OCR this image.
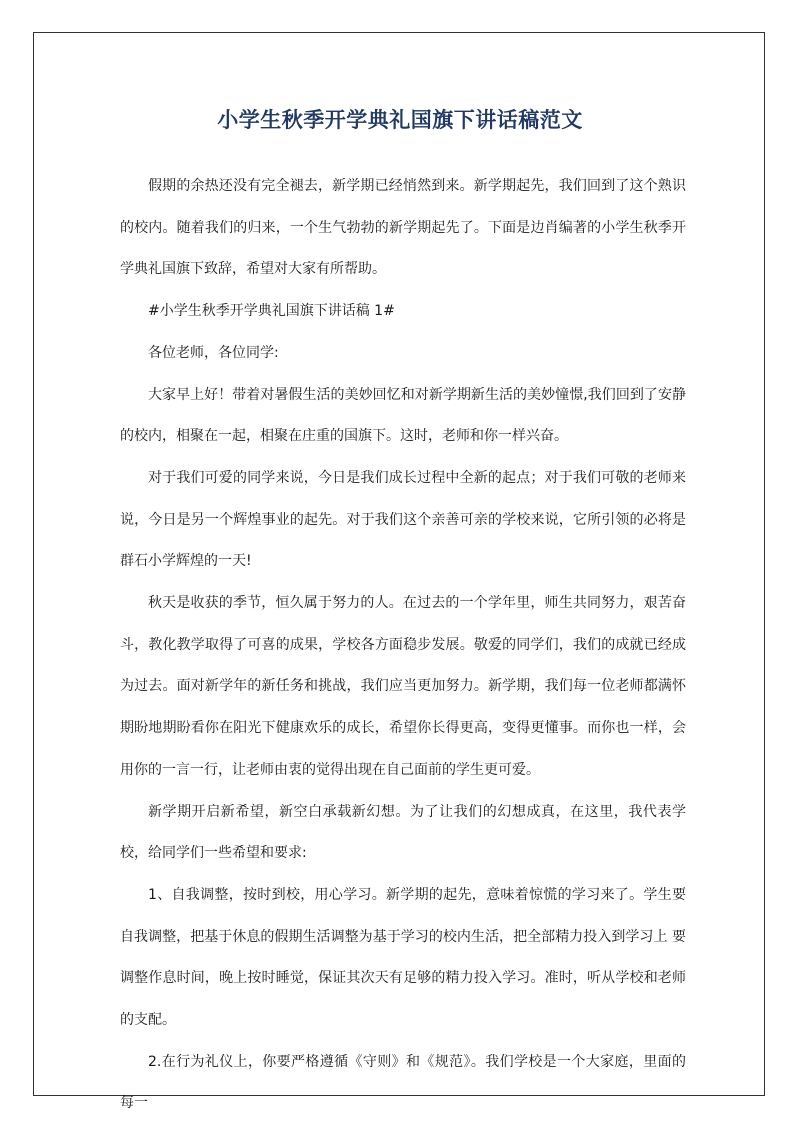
小学生秋季开学典礼国旗下讲话稿范文

假期的余热还没有完全褪去，新学期已经悄然到来。新学期起先，我们回到了这个熟识的校内。随着我们的归来，一个生气勃勃的新学期起先了。下面是边肖编著的小学生秋季开学典礼国旗下致辞，希望对大家有所帮助。

#小学生秋季开学典礼国旗下讲话稿 1#

各位老师，各位同学:

大家早上好！带着对暑假生活的美妙回忆和对新学期新生活的美妙憧憬,我们回到了安静的校内，相聚在一起，相聚在庄重的国旗下。这时，老师和你一样兴奋。

对于我们可爱的同学来说，今日是我们成长过程中全新的起点；对于我们可敬的老师来说，今日是另一个辉煌事业的起先。对于我们这个亲善可亲的学校来说，它所引领的必将是群石小学辉煌的一天!

秋天是收获的季节，恒久属于努力的人。在过去的一个学年里，师生共同努力，艰苦奋斗，教化教学取得了可喜的成果，学校各方面稳步发展。敬爱的同学们，我们的成就已经成为过去。面对新学年的新任务和挑战，我们应当更加努力。新学期，我们每一位老师都满怀期盼地期盼看你在阳光下健康欢乐的成长，希望你长得更高，变得更懂事。而你也一样，会用你的一言一行，让老师由衷的觉得出现在自己面前的学生更可爱。

新学期开启新希望，新空白承载新幻想。为了让我们的幻想成真，在这里，我代表学校，给同学们一些希望和要求:

1、自我调整，按时到校，用心学习。新学期的起先，意味着惊慌的学习来了。学生要自我调整，把基于休息的假期生活调整为基于学习的校内生活，把全部精力投入到学习上 要调整作息时间，晚上按时睡觉，保证其次天有足够的精力投入学习。准时，听从学校和老师的支配。

2.在行为礼仪上，你要严格遵循《守则》和《规范》。我们学校是一个大家庭，里面的每一
